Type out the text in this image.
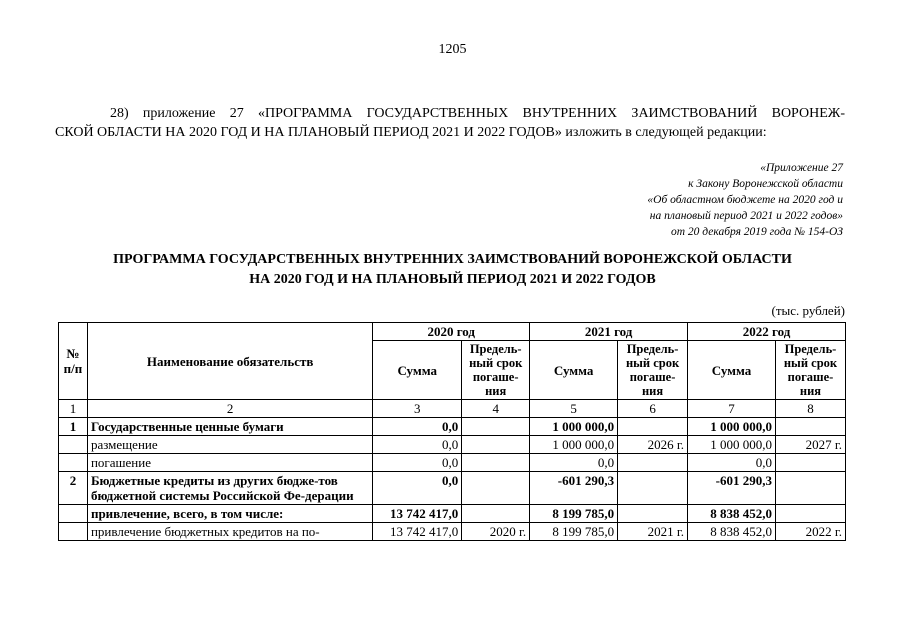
1205

28) приложение 27 «ПРОГРАММА ГОСУДАРСТВЕННЫХ ВНУТРЕННИХ ЗАИМСТВОВАНИЙ ВОРОНЕЖ-

СКОЙ ОБЛАСТИ НА 2020 ГОД И НА ПЛАНОВЫЙ ПЕРИОД 2021 И 2022 ГОДОВ» изложить в следующей редакции:

«Приложение 27
к Закону Воронежской области
«Об областном бюджете на 2020 год и
на плановый период 2021 и 2022 годов»
от 20 декабря 2019 года № 154-ОЗ
ПРОГРАММА ГОСУДАРСТВЕННЫХ ВНУТРЕННИХ ЗАИМСТВОВАНИЙ ВОРОНЕЖСКОЙ ОБЛАСТИ
НА 2020 ГОД И НА ПЛАНОВЫЙ ПЕРИОД 2021 И 2022 ГОДОВ
(тыс. рублей)
№ п/п	Наименование обязательств	2020 год		2021 год		2022 год	
		Сумма	Предель-ный срок погаше-ния	Сумма	Предель-ный срок погаше-ния	Сумма	Предель-ный срок погаше-ния
1	2	3	4	5	6	7	8
1	Государственные ценные бумаги	0,0		1 000 000,0		1 000 000,0	
	размещение	0,0		1 000 000,0	2026 г.	1 000 000,0	2027 г.
	погашение	0,0		0,0		0,0	
2	Бюджетные кредиты из других бюдже-тов бюджетной системы Российской Фе-дерации	0,0		-601 290,3		-601 290,3	
	привлечение, всего, в том числе:	13 742 417,0		8 199 785,0		8 838 452,0	
	привлечение бюджетных кредитов на по-	13 742 417,0	2020 г.	8 199 785,0	2021 г.	8 838 452,0	2022 г.
